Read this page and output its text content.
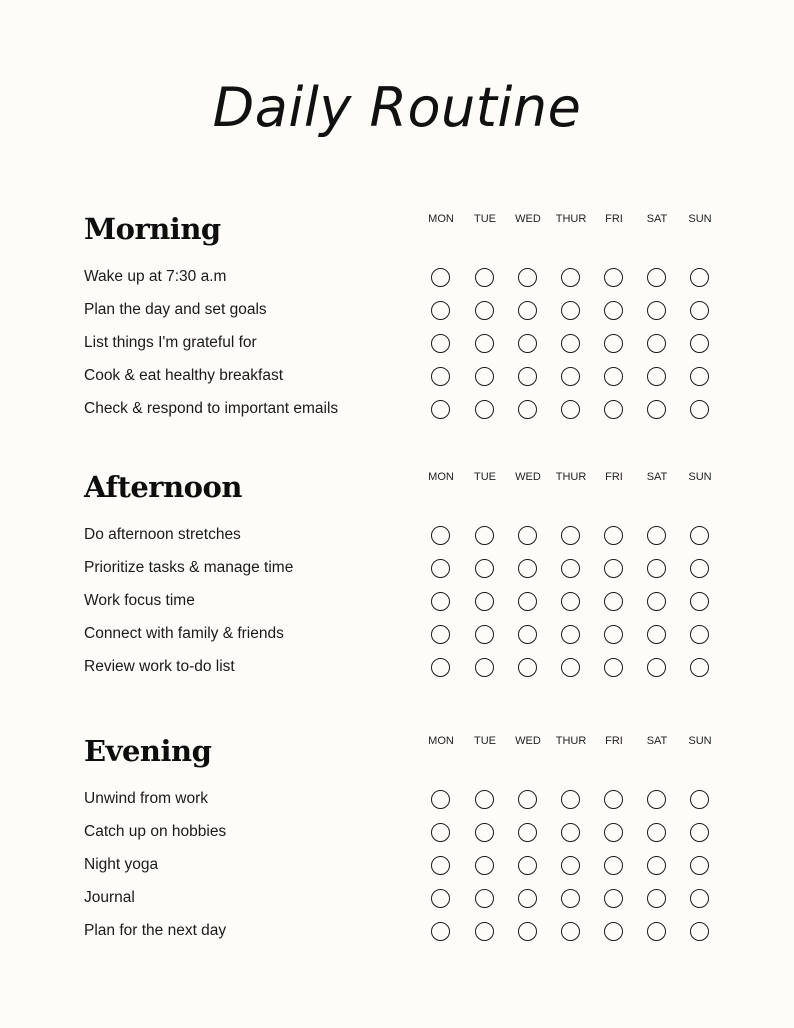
Daily Routine
Morning	MON	TUE	WED	THUR	FRI	SAT	SUN
Wake up at 7:30 a.m
Plan the day and set goals
List things I'm grateful for
Cook & eat healthy breakfast
Check & respond to important emails
Afternoon	MON	TUE	WED	THUR	FRI	SAT	SUN
Do afternoon stretches
Prioritize tasks & manage time
Work focus time
Connect with family & friends
Review work to-do list
Evening	MON	TUE	WED	THUR	FRI	SAT	SUN
Unwind from work
Catch up on hobbies
Night yoga
Journal
Plan for the next day
